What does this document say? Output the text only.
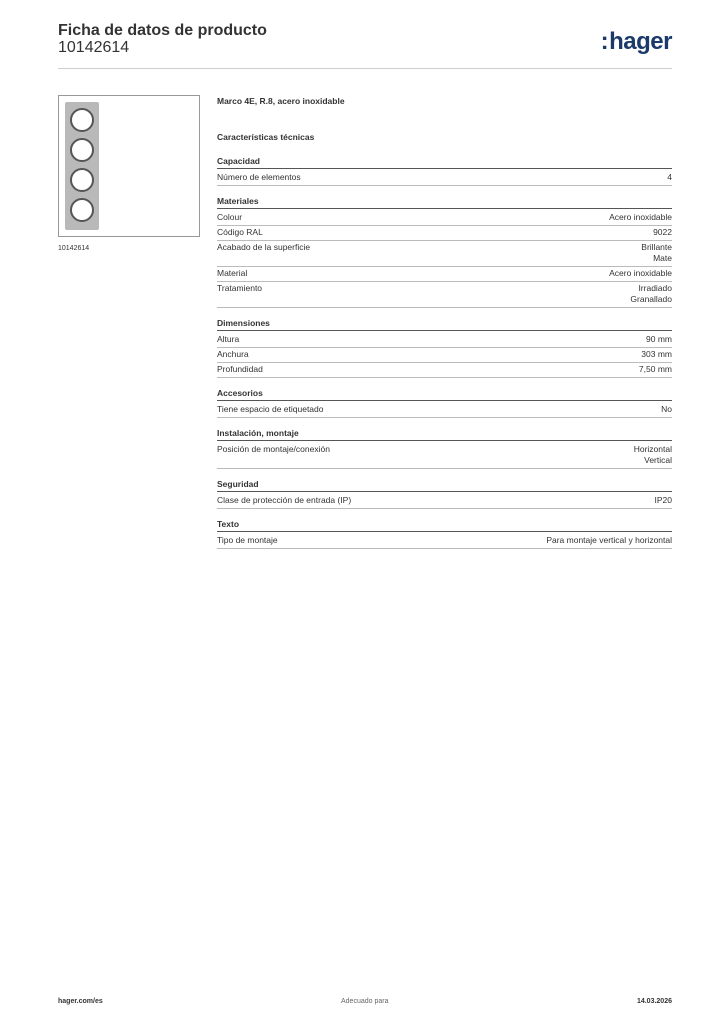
Ficha de datos de producto
10142614	:hager
10142614
Marco 4E, R.8, acero inoxidable
Características técnicas
Capacidad
Número de elementos	4
Materiales
Colour	Acero inoxidable
Código RAL	9022
Acabado de la superficie	Brillante
Mate
Material	Acero inoxidable
Tratamiento	Irradiado
Granallado
Dimensiones
Altura	90 mm
Anchura	303 mm
Profundidad	7,50 mm
Accesorios
Tiene espacio de etiquetado	No
Instalación, montaje
Posición de montaje/conexión	Horizontal
Vertical
Seguridad
Clase de protección de entrada (IP)	IP20
Texto
Tipo de montaje	Para montaje vertical y horizontal
hager.com/es	Adecuado para	14.03.2026
